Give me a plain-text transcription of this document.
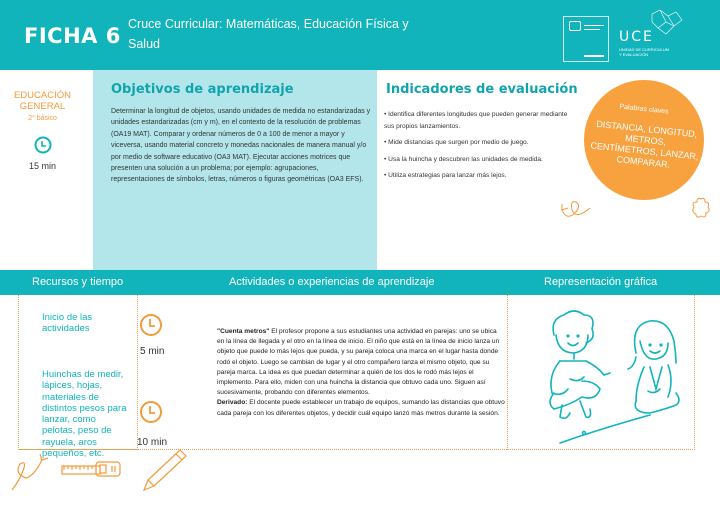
FICHA 6 Cruce Curricular: Matemáticas, Educación Física y Salud	UCE
UNIDAD DE CURRICULUM Y EVALUACIÓN
EDUCACIÓN GENERAL
2° básico
15 min
Objetivos de aprendizaje
Determinar la longitud de objetos, usando unidades de medida no estandarizadas y unidades estandarizadas (cm y m), en el contexto de la resolución de problemas (OA19 MAT). Comparar y ordenar números de 0 a 100 de menor a mayor y viceversa, usando material concreto y monedas nacionales de manera manual y/o por medio de software educativo (OA3 MAT). Ejecutar acciones motrices que presenten una solución a un problema; por ejemplo: agrupaciones, representaciones de símbolos, letras, números o figuras geométricas (OA3 EFS).
Indicadores de evaluación
• Identifica diferentes longitudes que pueden generar mediante sus propios lanzamientos.
• Mide distancias que surgen por medio de juego.
• Usa la huincha y descubren las unidades de medida.
• Utiliza estrategias para lanzar más lejos.
Palabras claves
DISTANCIA, LONGITUD, METROS, CENTÍMETROS, LANZAR, COMPARAR.
Recursos y tiempo	Actividades o experiencias de aprendizaje	Representación gráfica
Inicio de las actividades
5 min
Huinchas de medir, lápices, hojas, materiales de distintos pesos para lanzar, como pelotas, peso de rayuela, aros pequeños, etc.
10 min
"Cuenta metros" El profesor propone a sus estudiantes una actividad en parejas: uno se ubica en la línea de llegada y el otro en la línea de inicio. El niño que está en la línea de inicio lanza un objeto que puede lo más lejos que pueda, y su pareja coloca una marca en el lugar hasta donde rodó el objeto. Luego se cambian de lugar y el otro compañero lanza el mismo objeto, que su pareja marca. La idea es que puedan determinar a quién de los dos le rodó más lejos el implemento. Para ello, miden con una huincha la distancia que obtuvo cada uno. Siguen así sucesivamente, probando con diferentes elementos.
Derivado: El docente puede establecer un trabajo de equipos, sumando las distancias que obtuvo cada pareja con los diferentes objetos, y decidir cuál equipo lanzó más metros durante la sesión.
